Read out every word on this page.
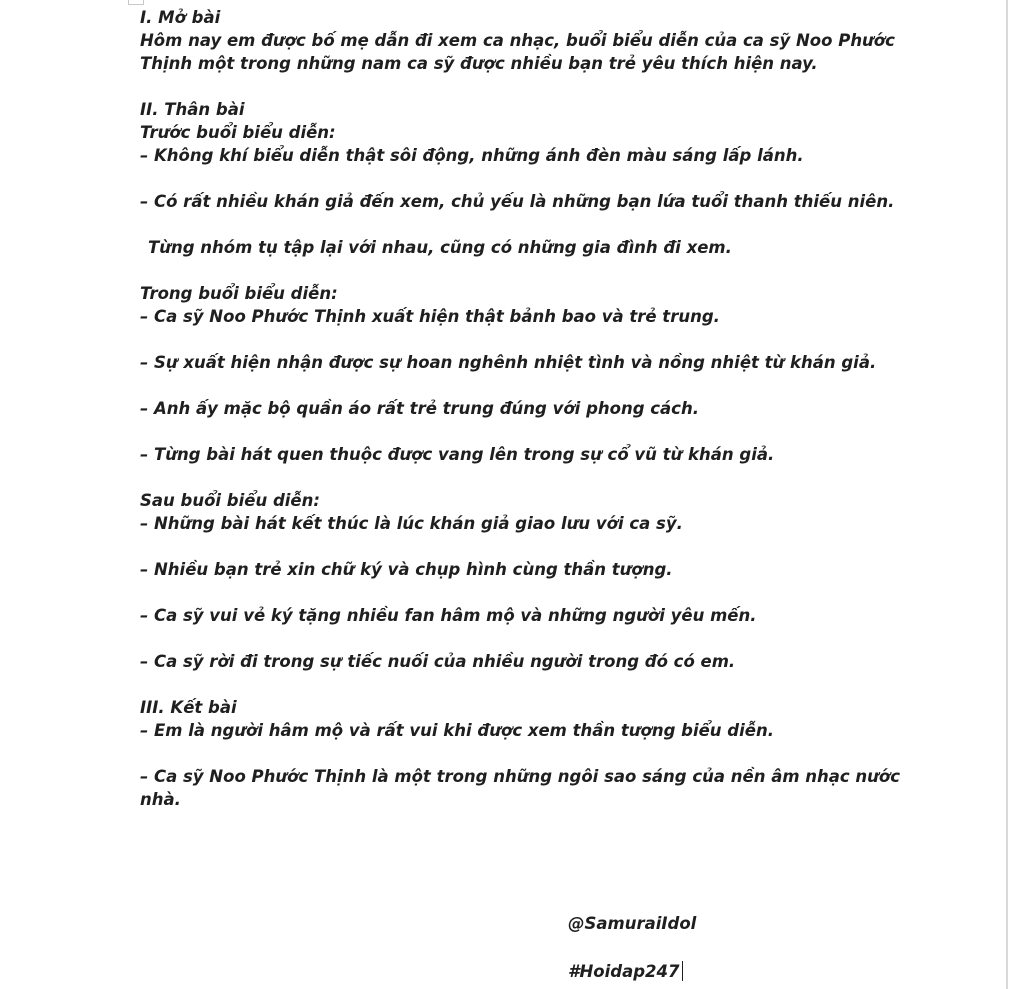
I. Mở bài

Hôm nay em được bố mẹ dẫn đi xem ca nhạc, buổi biểu diễn của ca sỹ Noo Phước Thịnh một trong những nam ca sỹ được nhiều bạn trẻ yêu thích hiện nay.

II. Thân bài

Trước buổi biểu diễn:

– Không khí biểu diễn thật sôi động, những ánh đèn màu sáng lấp lánh.

– Có rất nhiều khán giả đến xem, chủ yếu là những bạn lứa tuổi thanh thiếu niên.

Từng nhóm tụ tập lại với nhau, cũng có những gia đình đi xem.

Trong buổi biểu diễn:

– Ca sỹ Noo Phước Thịnh xuất hiện thật bảnh bao và trẻ trung.

– Sự xuất hiện nhận được sự hoan nghênh nhiệt tình và nồng nhiệt từ khán giả.

– Anh ấy mặc bộ quần áo rất trẻ trung đúng với phong cách.

– Từng bài hát quen thuộc được vang lên trong sự cổ vũ từ khán giả.

Sau buổi biểu diễn:

– Những bài hát kết thúc là lúc khán giả giao lưu với ca sỹ.

– Nhiều bạn trẻ xin chữ ký và chụp hình cùng thần tượng.

– Ca sỹ vui vẻ ký tặng nhiều fan hâm mộ và những người yêu mến.

– Ca sỹ rời đi trong sự tiếc nuối của nhiều người trong đó có em.

III. Kết bài

– Em là người hâm mộ và rất vui khi được xem thần tượng biểu diễn.

– Ca sỹ Noo Phước Thịnh là một trong những ngôi sao sáng của nền âm nhạc nước nhà.

@SamuraiIdol
#Hoidap247
